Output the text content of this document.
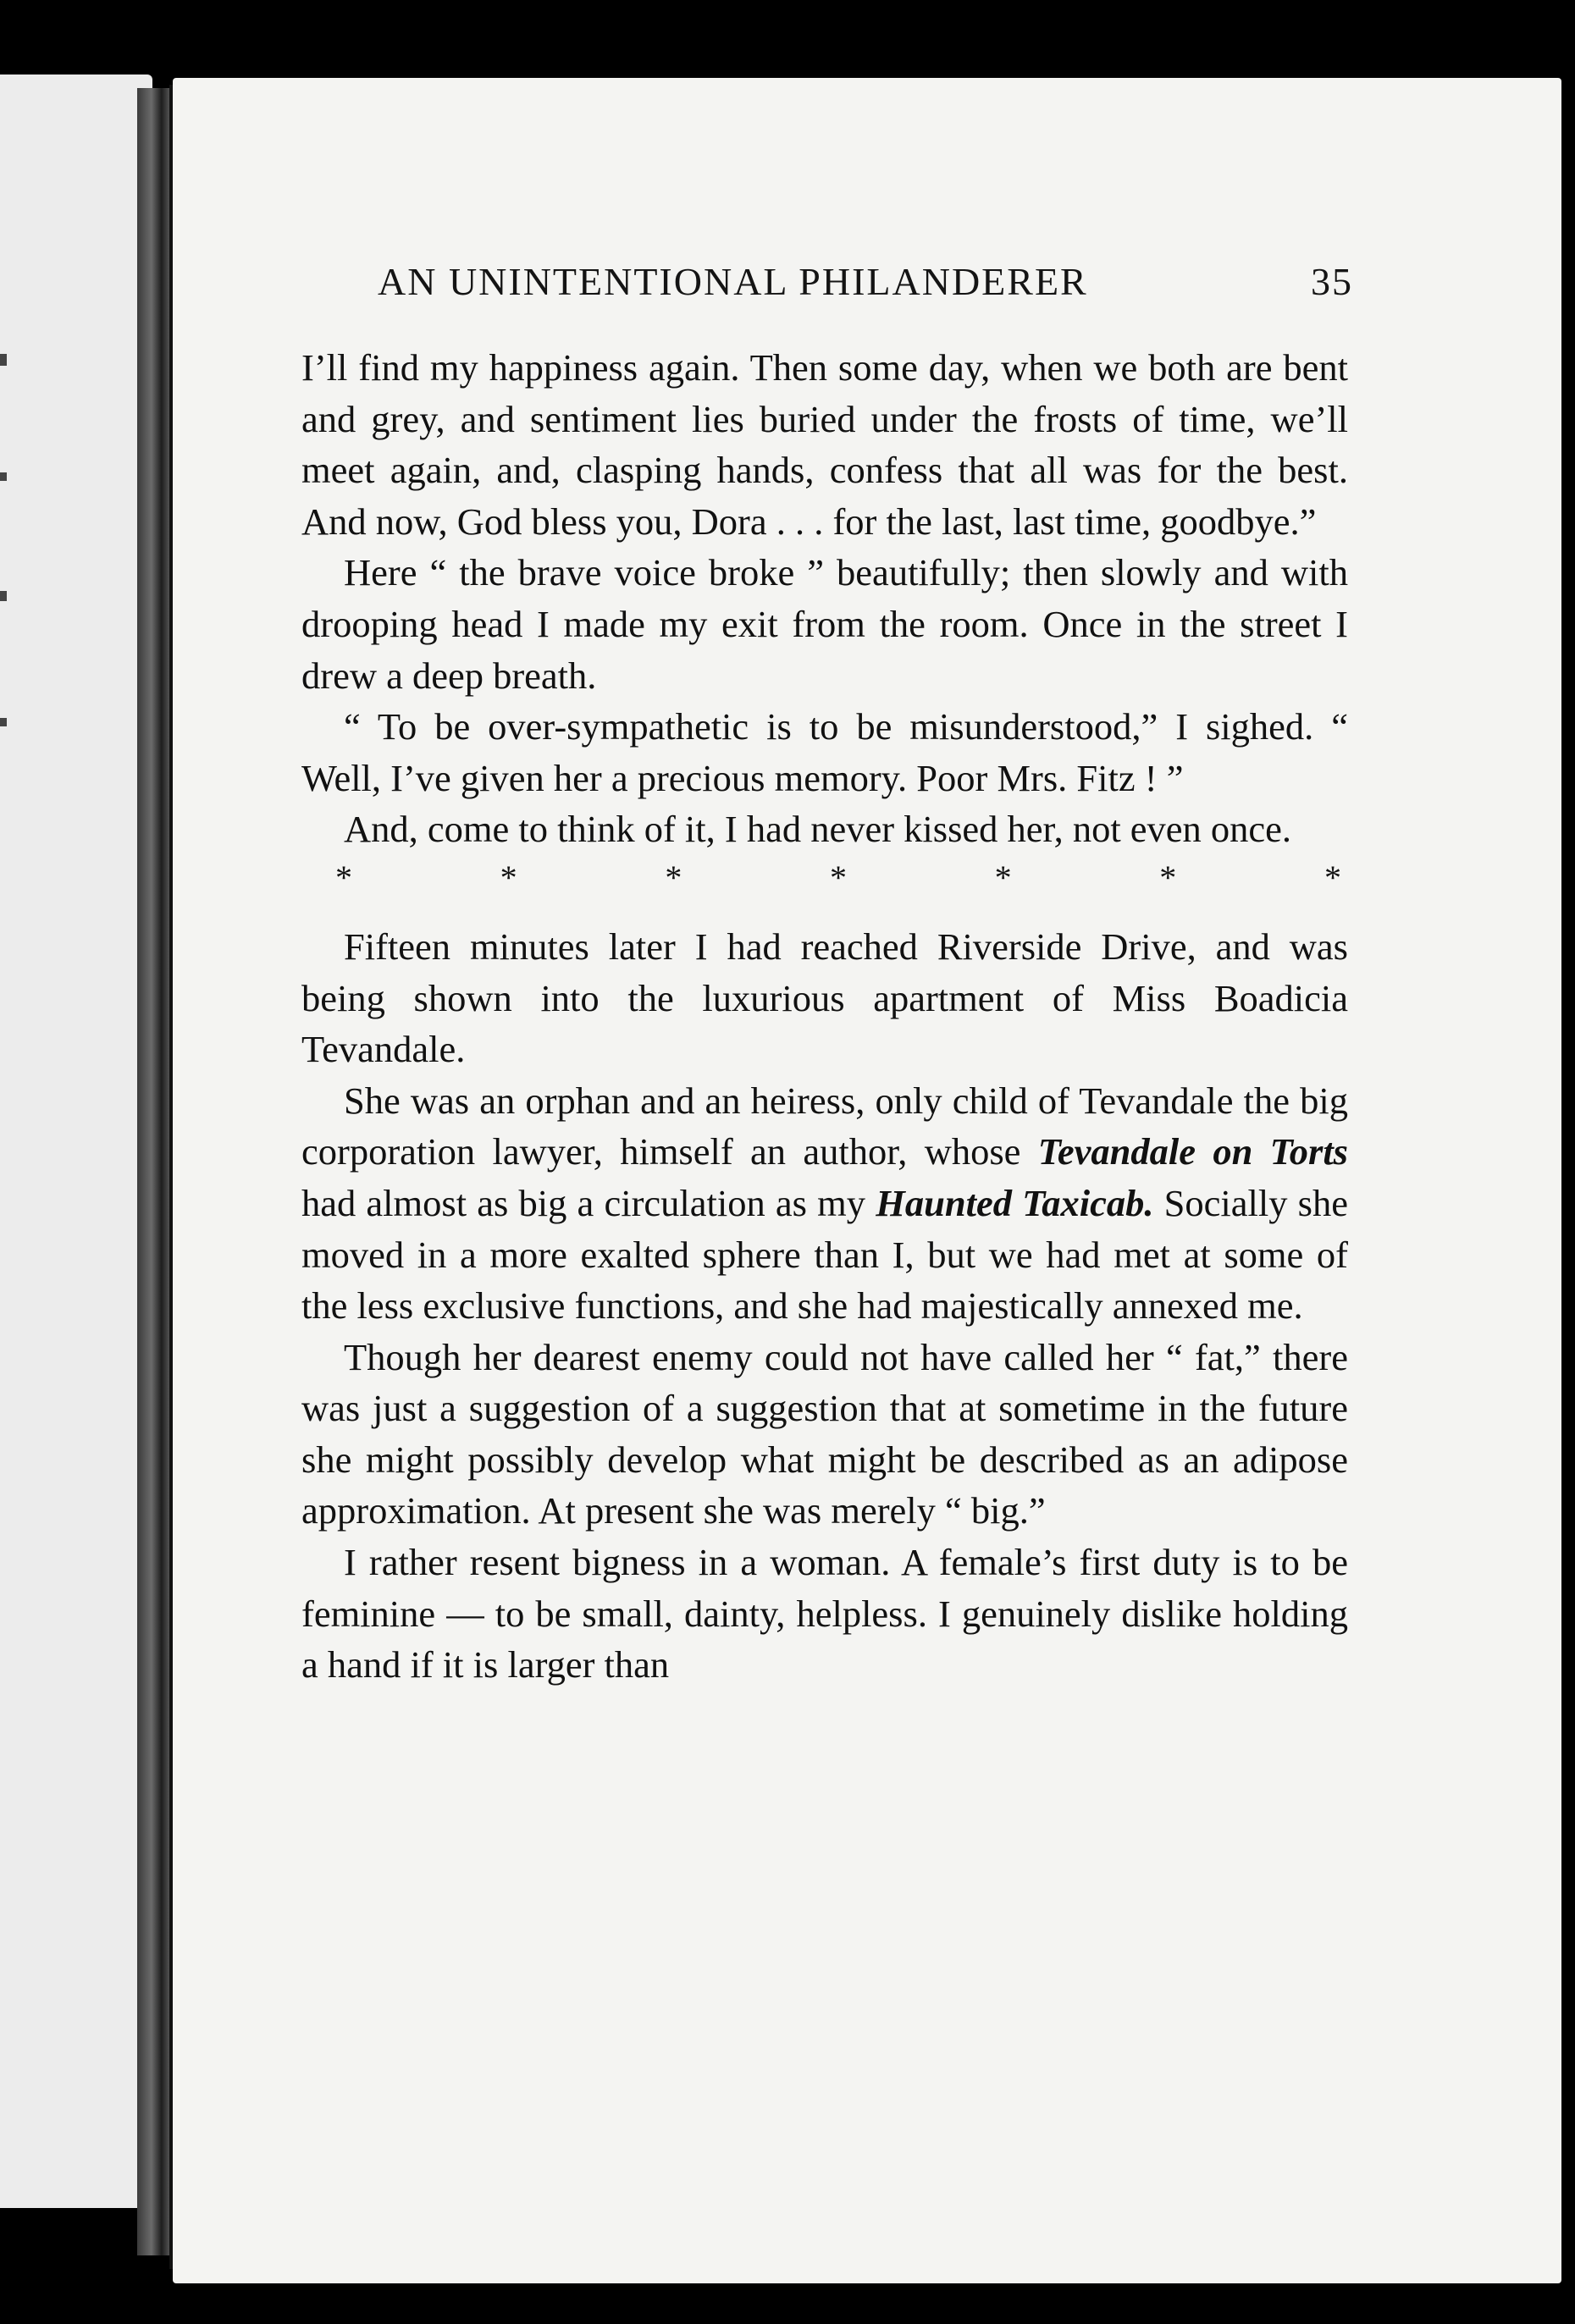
AN UNINTENTIONAL PHILANDERER	35

I’ll find my happiness again. Then some day, when we both are bent and grey, and sentiment lies buried under the frosts of time, we’ll meet again, and, clasping hands, confess that all was for the best. And now, God bless you, Dora . . . for the last, last time, goodbye.”

Here “ the brave voice broke ” beautifully; then slowly and with drooping head I made my exit from the room. Once in the street I drew a deep breath.

“ To be over-sympathetic is to be misunderstood,” I sighed. “ Well, I’ve given her a precious memory. Poor Mrs. Fitz ! ”

And, come to think of it, I had never kissed her, not even once.

*	*	*	*	*	*	*

Fifteen minutes later I had reached Riverside Drive, and was being shown into the luxurious apartment of Miss Boadicia Tevandale.

She was an orphan and an heiress, only child of Tevandale the big corporation lawyer, himself an author, whose Tevandale on Torts had almost as big a circulation as my Haunted Taxicab. Socially she moved in a more exalted sphere than I, but we had met at some of the less exclusive functions, and she had majestically annexed me.

Though her dearest enemy could not have called her “ fat,” there was just a suggestion of a suggestion that at sometime in the future she might possibly develop what might be described as an adipose approximation. At present she was merely “ big.”

I rather resent bigness in a woman. A female’s first duty is to be feminine — to be small, dainty, helpless. I genuinely dislike holding a hand if it is larger than
